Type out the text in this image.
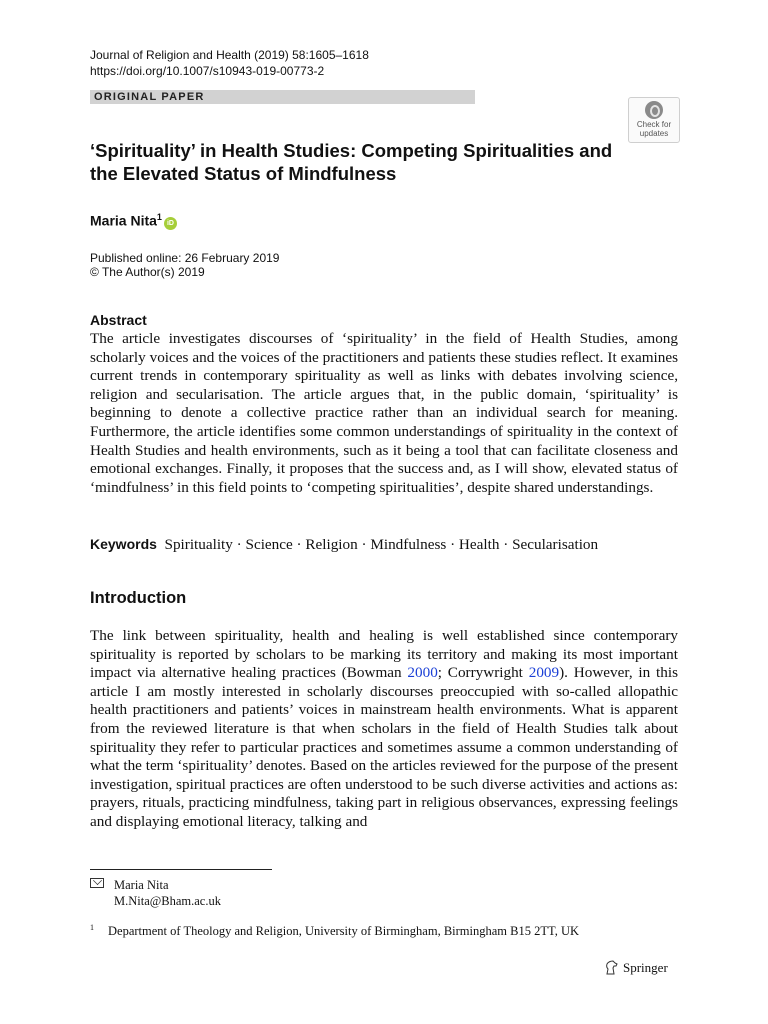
Journal of Religion and Health (2019) 58:1605–1618
https://doi.org/10.1007/s10943-019-00773-2
ORIGINAL PAPER
Check for
updates
‘Spirituality’ in Health Studies: Competing Spiritualities and the Elevated Status of Mindfulness
Maria Nita$^1$iD
Published online: 26 February 2019
© The Author(s) 2019
Abstract
The article investigates discourses of ‘spirituality’ in the field of Health Studies, among scholarly voices and the voices of the practitioners and patients these studies reflect. It examines current trends in contemporary spirituality as well as links with debates involving science, religion and secularisation. The article argues that, in the public domain, ‘spirituality’ is beginning to denote a collective practice rather than an individual search for meaning. Furthermore, the article identifies some common understandings of spirituality in the context of Health Studies and health environments, such as it being a tool that can facilitate closeness and emotional exchanges. Finally, it proposes that the success and, as I will show, elevated status of ‘mindfulness’ in this field points to ‘competing spiritualities’, despite shared understandings.
Keywords Spirituality · Science · Religion · Mindfulness · Health · Secularisation
Introduction
The link between spirituality, health and healing is well established since contemporary spirituality is reported by scholars to be marking its territory and making its most important impact via alternative healing practices (Bowman 2000; Corrywright 2009). However, in this article I am mostly interested in scholarly discourses preoccupied with so-called allopathic health practitioners and patients’ voices in mainstream health environments. What is apparent from the reviewed literature is that when scholars in the field of Health Studies talk about spirituality they refer to particular practices and sometimes assume a common understanding of what the term ‘spirituality’ denotes. Based on the articles reviewed for the purpose of the present investigation, spiritual practices are often understood to be such diverse activities and actions as: prayers, rituals, practicing mindfulness, taking part in religious observances, expressing feelings and displaying emotional literacy, talking and
Maria Nita
M.Nita@Bham.ac.uk
$^1$ Department of Theology and Religion, University of Birmingham, Birmingham B15 2TT, UK
Springer
